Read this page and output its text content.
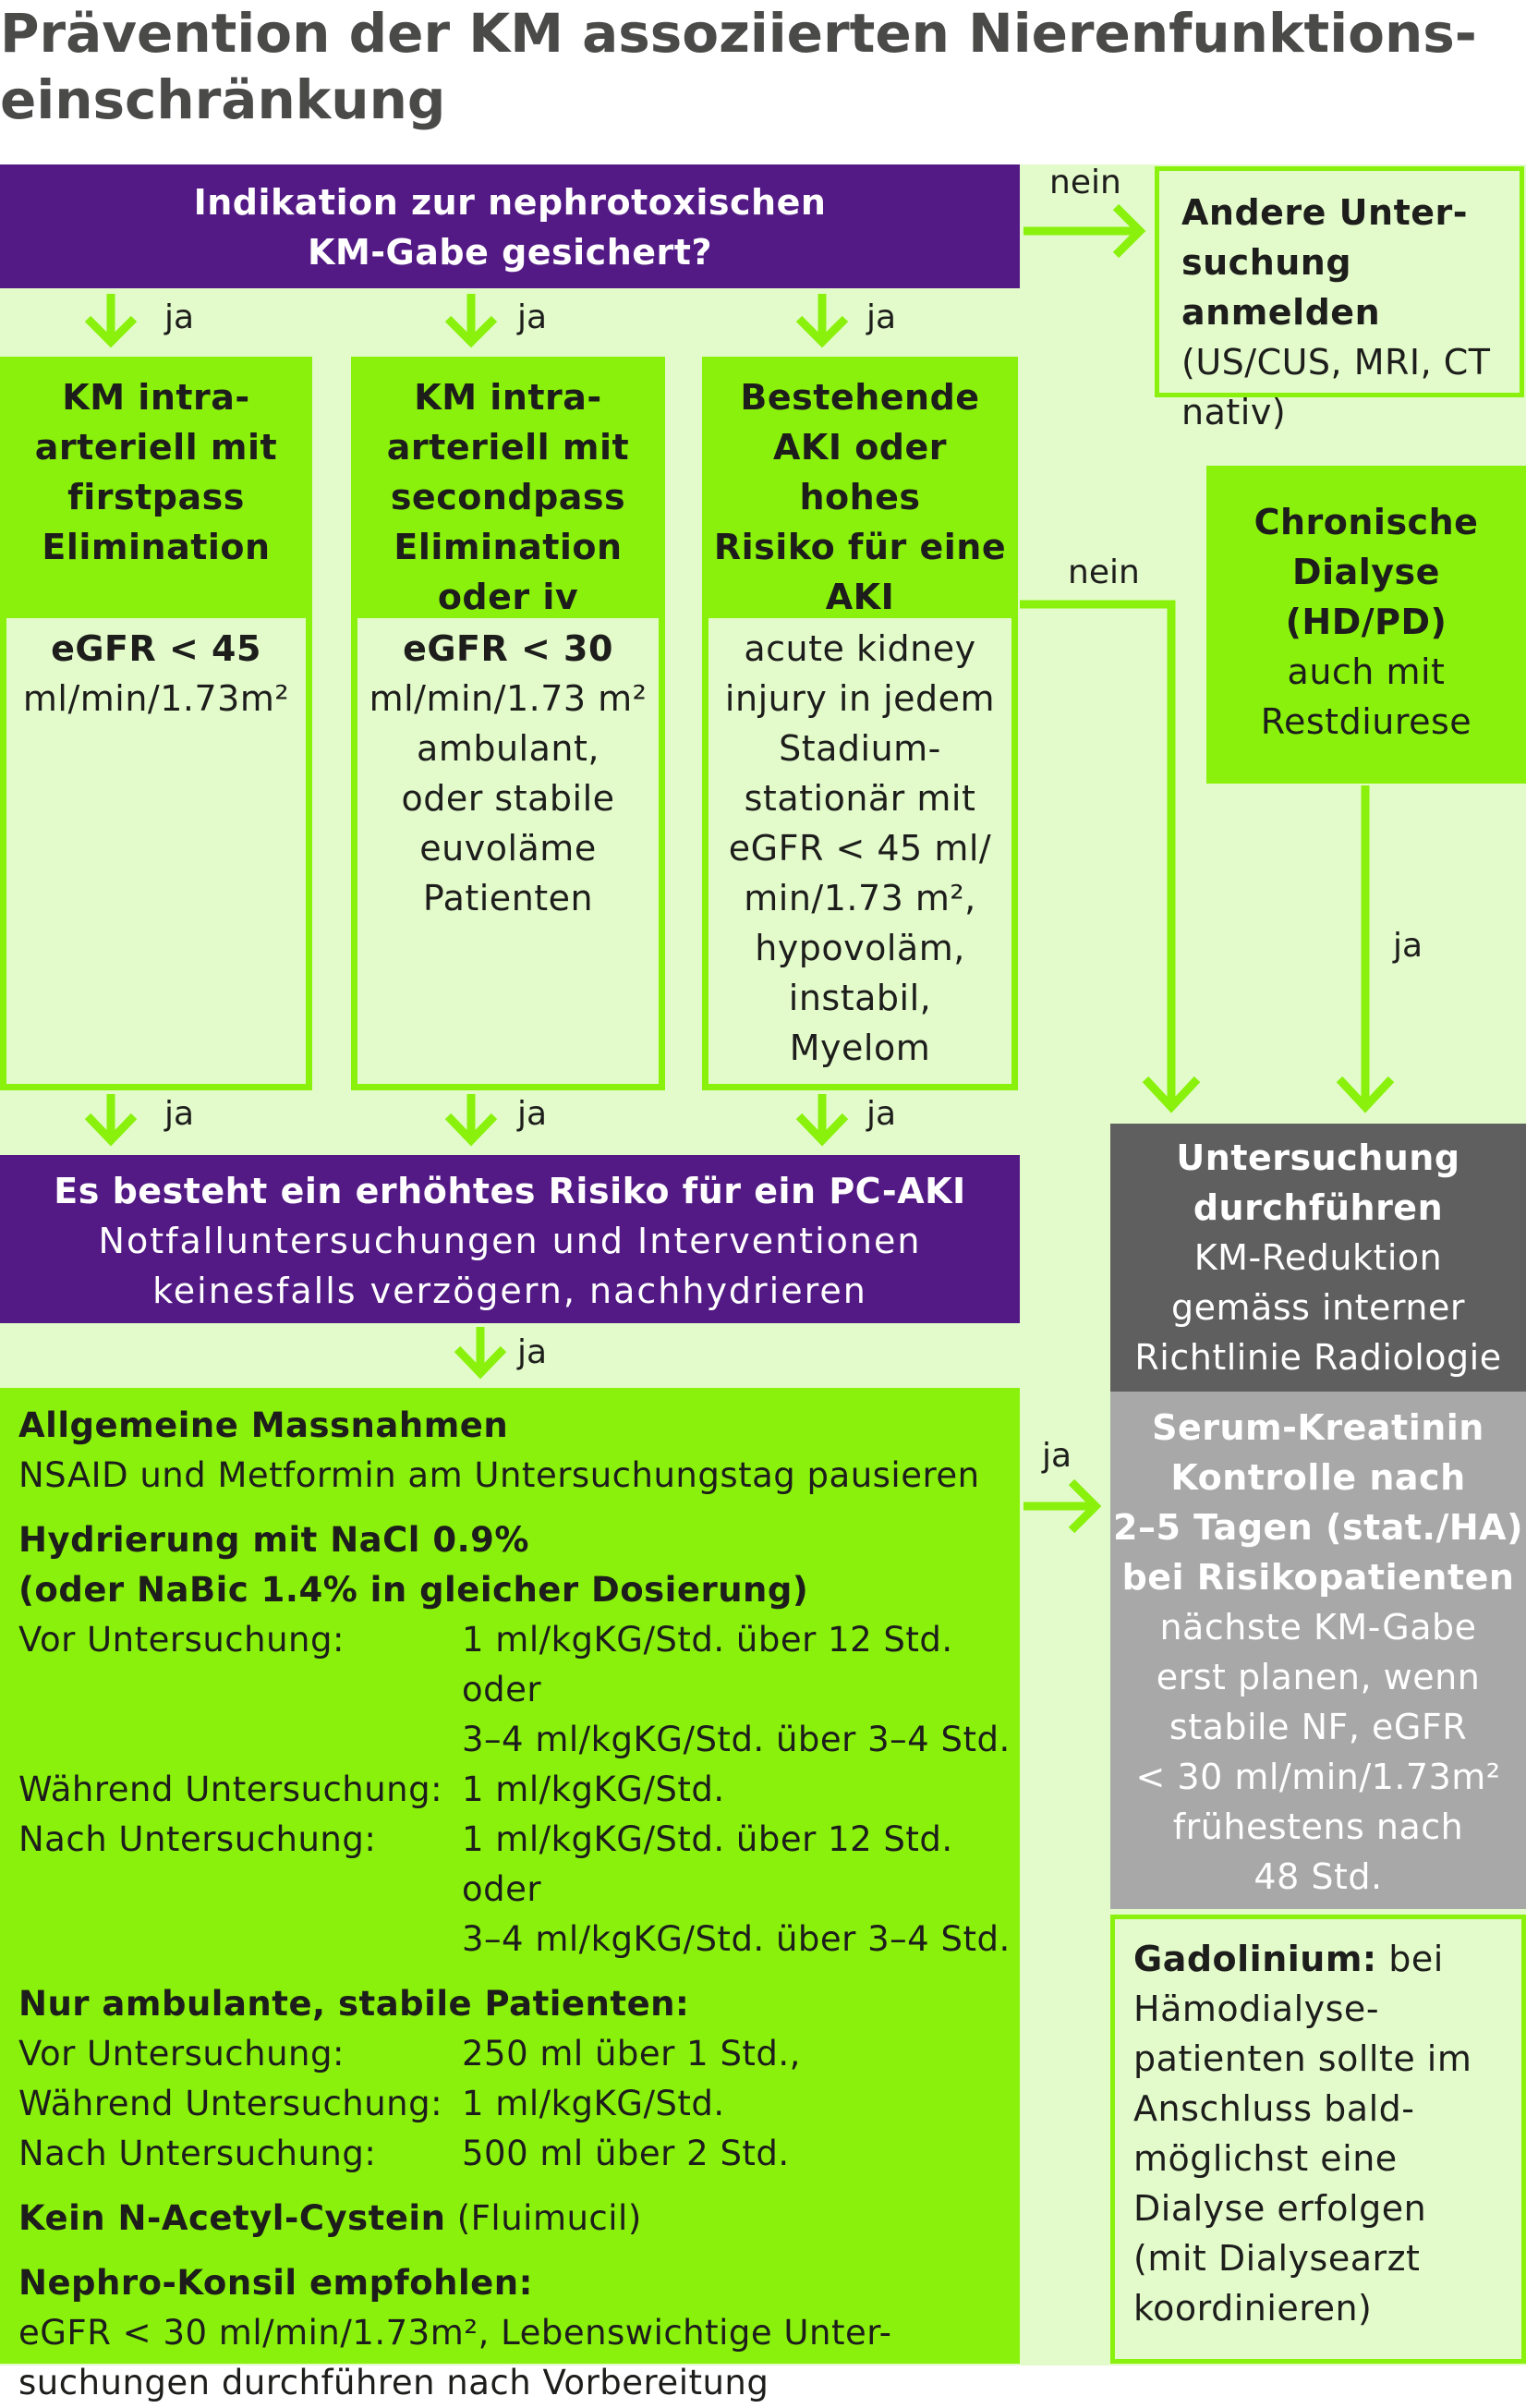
Prävention der KM assoziierten Nierenfunktions-
einschränkung
Indikation zur nephrotoxischen
KM-Gabe gesichert?
Andere Unter-
suchung anmelden
(US/CUS, MRI, CT
nativ)
KM intra-
arteriell mit
firstpass
Elimination
eGFR < 45
ml/min/1.73m²
KM intra-
arteriell mit
secondpass
Elimination
oder iv
eGFR < 30
ml/min/1.73 m²
ambulant,
oder stabile
euvoläme
Patienten
Bestehende
AKI oder hohes
Risiko für eine
AKI
acute kidney
injury in jedem
Stadium-
stationär mit
eGFR < 45 ml/
min/1.73 m²,
hypovoläm,
instabil,
Myelom
Chronische
Dialyse
(HD/PD)
auch mit
Restdiurese
Es besteht ein erhöhtes Risiko für ein PC-AKI
Notfalluntersuchungen und Interventionen
keinesfalls verzögern, nachhydrieren
Untersuchung
durchführen
KM-Reduktion
gemäss interner
Richtlinie Radiologie
Serum-Kreatinin
Kontrolle nach
2–5 Tagen (stat./HA)
bei Risikopatienten
nächste KM-Gabe
erst planen, wenn
stabile NF, eGFR
< 30 ml/min/1.73m²
frühestens nach
48 Std.
Gadolinium: bei
Hämodialyse-
patienten sollte im
Anschluss bald-
möglichst eine
Dialyse erfolgen
(mit Dialysearzt
koordinieren)
Allgemeine Massnahmen
NSAID und Metformin am Untersuchungstag pausieren
Hydrierung mit NaCl 0.9%
(oder NaBic 1.4% in gleicher Dosierung)
Vor Untersuchung:	1 ml/kgKG/Std. über 12 Std. oder
3–4 ml/kgKG/Std. über 3–4 Std.
Während Untersuchung: 1 ml/kgKG/Std.
Nach Untersuchung:	1 ml/kgKG/Std. über 12 Std. oder
3–4 ml/kgKG/Std. über 3–4 Std.
Nur ambulante, stabile Patienten:
Vor Untersuchung:	250 ml über 1 Std.,
Während Untersuchung: 1 ml/kgKG/Std.
Nach Untersuchung:	500 ml über 2 Std.
Kein N-Acetyl-Cystein (Fluimucil)
Nephro-Konsil empfohlen:
eGFR < 30 ml/min/1.73m², Lebenswichtige Unter-
suchungen durchführen nach Vorbereitung
ja	ja	ja
nein
nein
ja
ja	ja	ja
ja
ja
